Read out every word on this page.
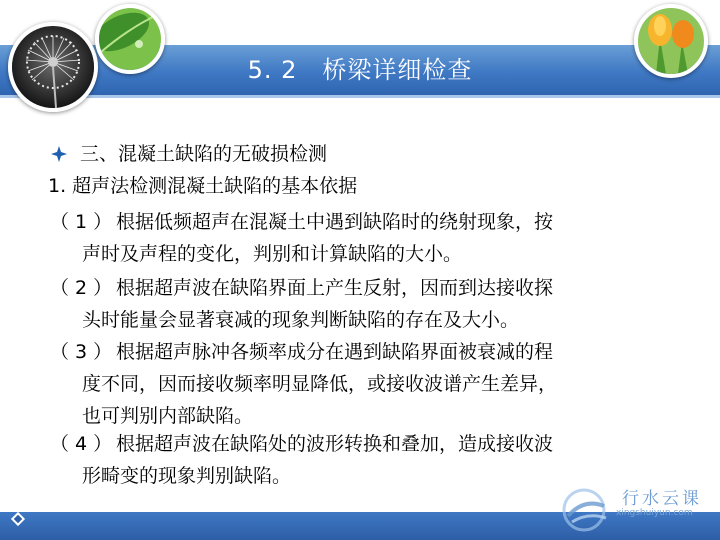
5. 2　桥梁详细检查
三、混凝土缺陷的无破损检测
1. 超声法检测混凝土缺陷的基本依据
（ 1 ） 根据低频超声在混凝土中遇到缺陷时的绕射现象，按
声时及声程的变化，判别和计算缺陷的大小。
（ 2 ） 根据超声波在缺陷界面上产生反射，因而到达接收探
头时能量会显著衰减的现象判断缺陷的存在及大小。
（ 3 ） 根据超声脉冲各频率成分在遇到缺陷界面被衰减的程
度不同，因而接收频率明显降低，或接收波谱产生差异，
也可判别内部缺陷。
（ 4 ） 根据超声波在缺陷处的波形转换和叠加，造成接收波
形畸变的现象判别缺陷。
行水云课
xingshuiyun.com
